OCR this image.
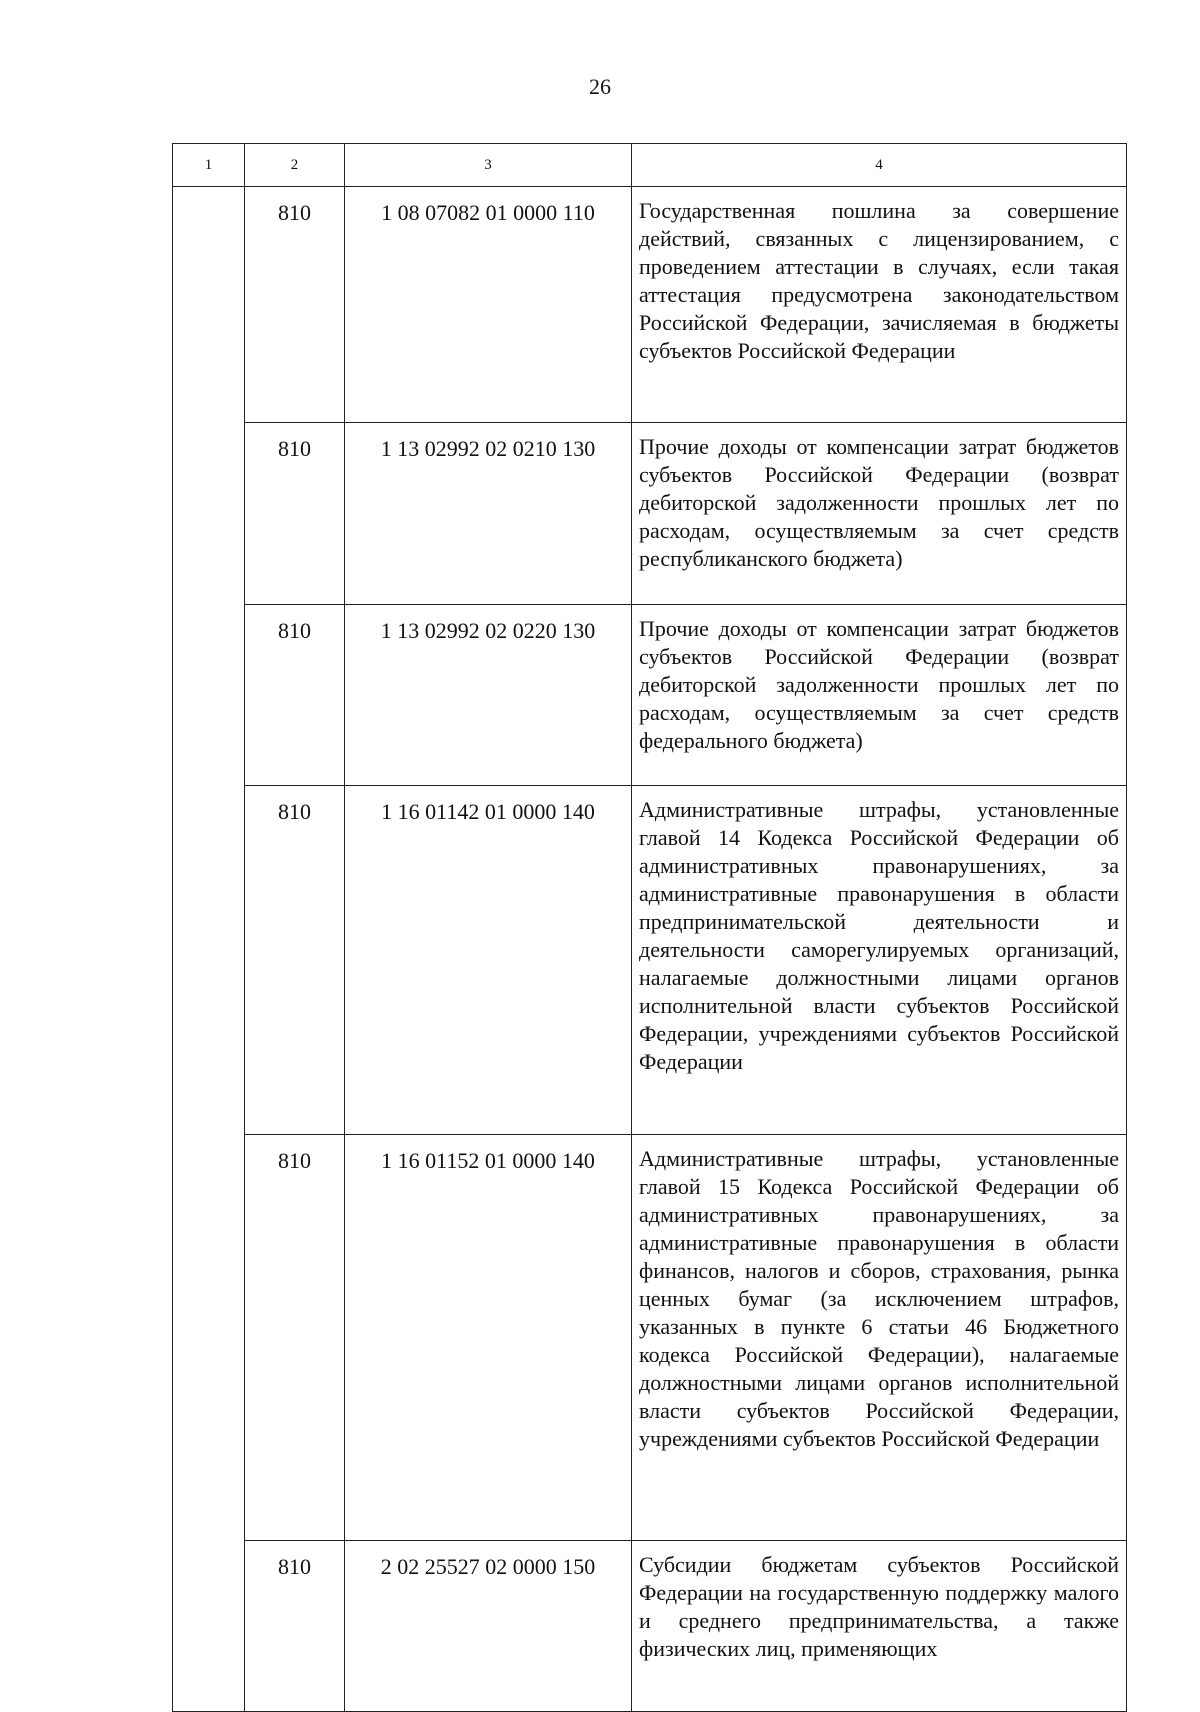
26
1	2	3	4
	810	1 08 07082 01 0000 110	Государственная пошлина за совершение действий, связанных с лицензированием, с проведением аттестации в случаях, если такая аттестация предусмотрена законодательством Российской Федерации, зачисляемая в бюджеты субъектов Российской Федерации
	810	1 13 02992 02 0210 130	Прочие доходы от компенсации затрат бюджетов субъектов Российской Федерации (возврат дебиторской задолженности прошлых лет по расходам, осуществляемым за счет средств республиканского бюджета)
	810	1 13 02992 02 0220 130	Прочие доходы от компенсации затрат бюджетов субъектов Российской Федерации (возврат дебиторской задолженности прошлых лет по расходам, осуществляемым за счет средств федерального бюджета)
	810	1 16 01142 01 0000 140	Административные штрафы, установленные главой 14 Кодекса Российской Федерации об административных правонарушениях, за административные правонарушения в области предпринимательской деятельности и деятельности саморегулируемых организаций, налагаемые должностными лицами органов исполнительной власти субъектов Российской Федерации, учреждениями субъектов Российской Федерации
	810	1 16 01152 01 0000 140	Административные штрафы, установленные главой 15 Кодекса Российской Федерации об административных правонарушениях, за административные правонарушения в области финансов, налогов и сборов, страхования, рынка ценных бумаг (за исключением штрафов, указанных в пункте 6 статьи 46 Бюджетного кодекса Российской Федерации), налагаемые должностными лицами органов исполнительной власти субъектов Российской Федерации, учреждениями субъектов Российской Федерации
	810	2 02 25527 02 0000 150	Субсидии бюджетам субъектов Российской Федерации на государственную поддержку малого и среднего предпринимательства, а также физических лиц, применяющих
